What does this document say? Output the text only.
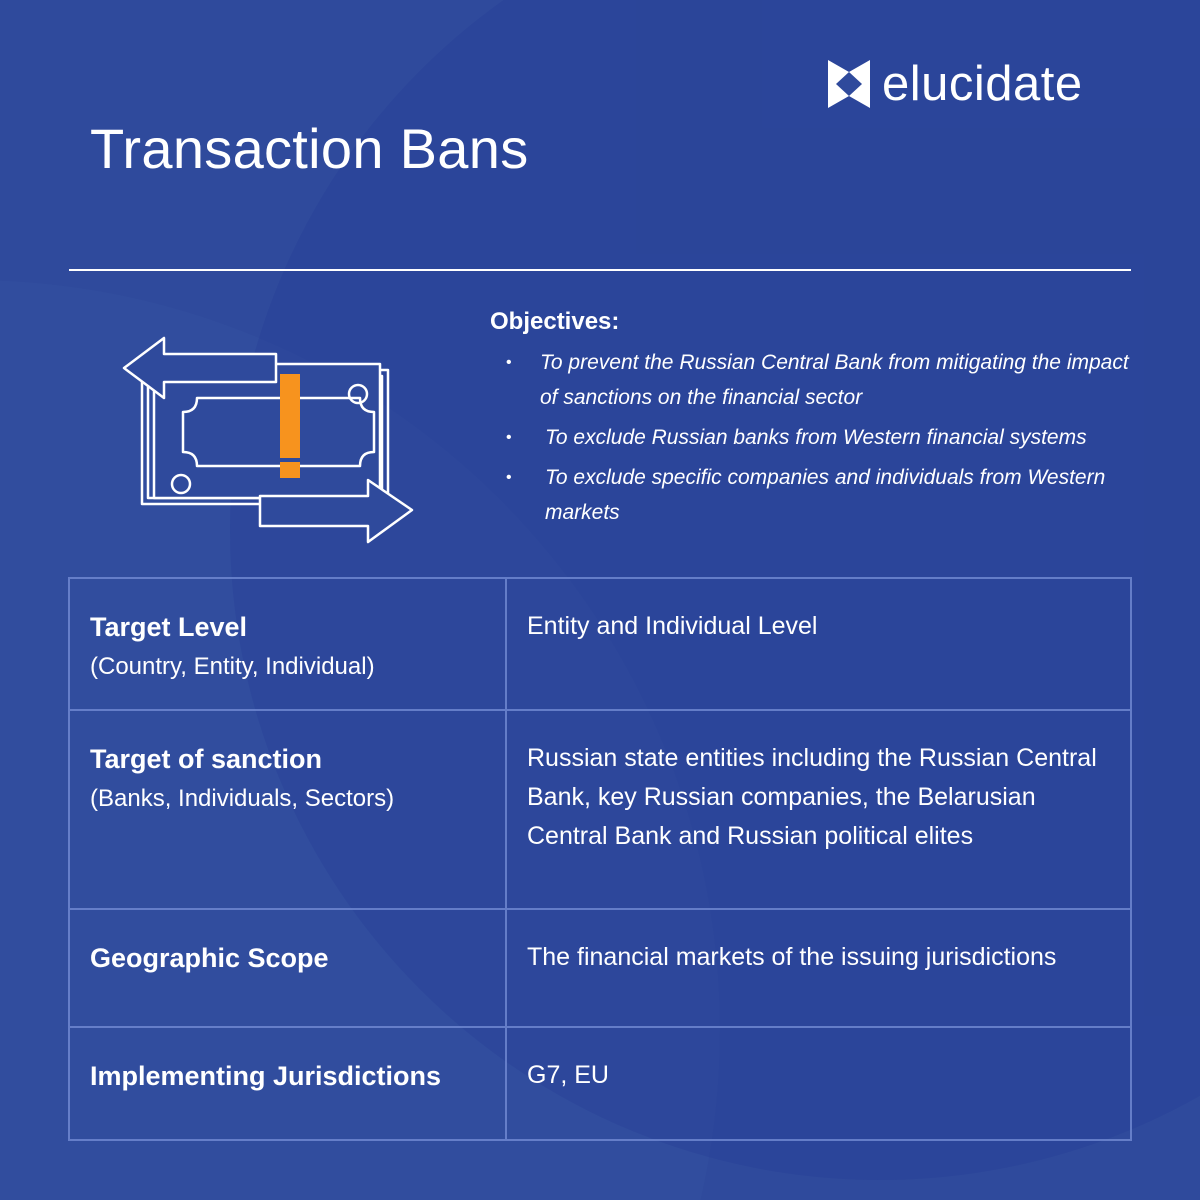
elucidate
Transaction Bans
Objectives:
• To prevent the Russian Central Bank from mitigating the impact of sanctions on the financial sector
• To exclude Russian banks from Western financial systems
• To exclude specific companies and individuals from Western markets
Target Level
(Country, Entity, Individual)
Entity and Individual Level
Target of sanction
(Banks, Individuals, Sectors)
Russian state entities including the Russian Central Bank, key Russian companies, the Belarusian Central Bank and Russian political elites
Geographic Scope	The financial markets of the issuing jurisdictions
Implementing Jurisdictions	G7, EU
